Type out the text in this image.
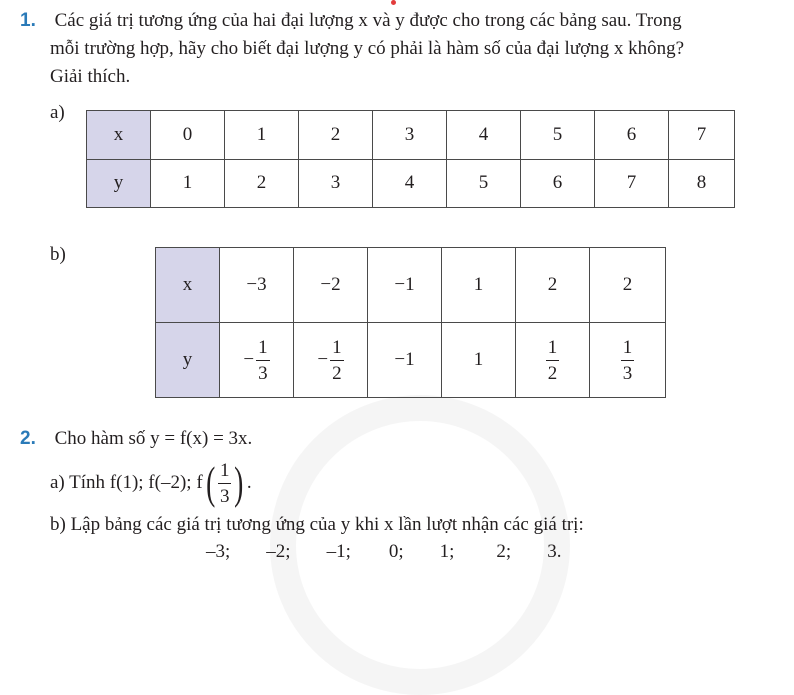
1. Các giá trị tương ứng của hai đại lượng x và y được cho trong các bảng sau. Trong
mỗi trường hợp, hãy cho biết đại lượng y có phải là hàm số của đại lượng x không?
Giải thích.
a)
x	0	1	2	3	4	5	6	7
y	1	2	3	4	5	6	7	8
b)
x	−3	−2	−1	1	2	2
y	− $\frac{1}{3}$	− $\frac{1}{2}$	−1	1	$\frac{1}{2}$	$\frac{1}{3}$
2. Cho hàm số y = f(x) = 3x.
a) Tính f(1); f(–2); f ( $\frac{1}{3}$ ) .
b) Lập bảng các giá trị tương ứng của y khi x lần lượt nhận các giá trị:
–3; –2; –1; 0; 1; 2; 3.
